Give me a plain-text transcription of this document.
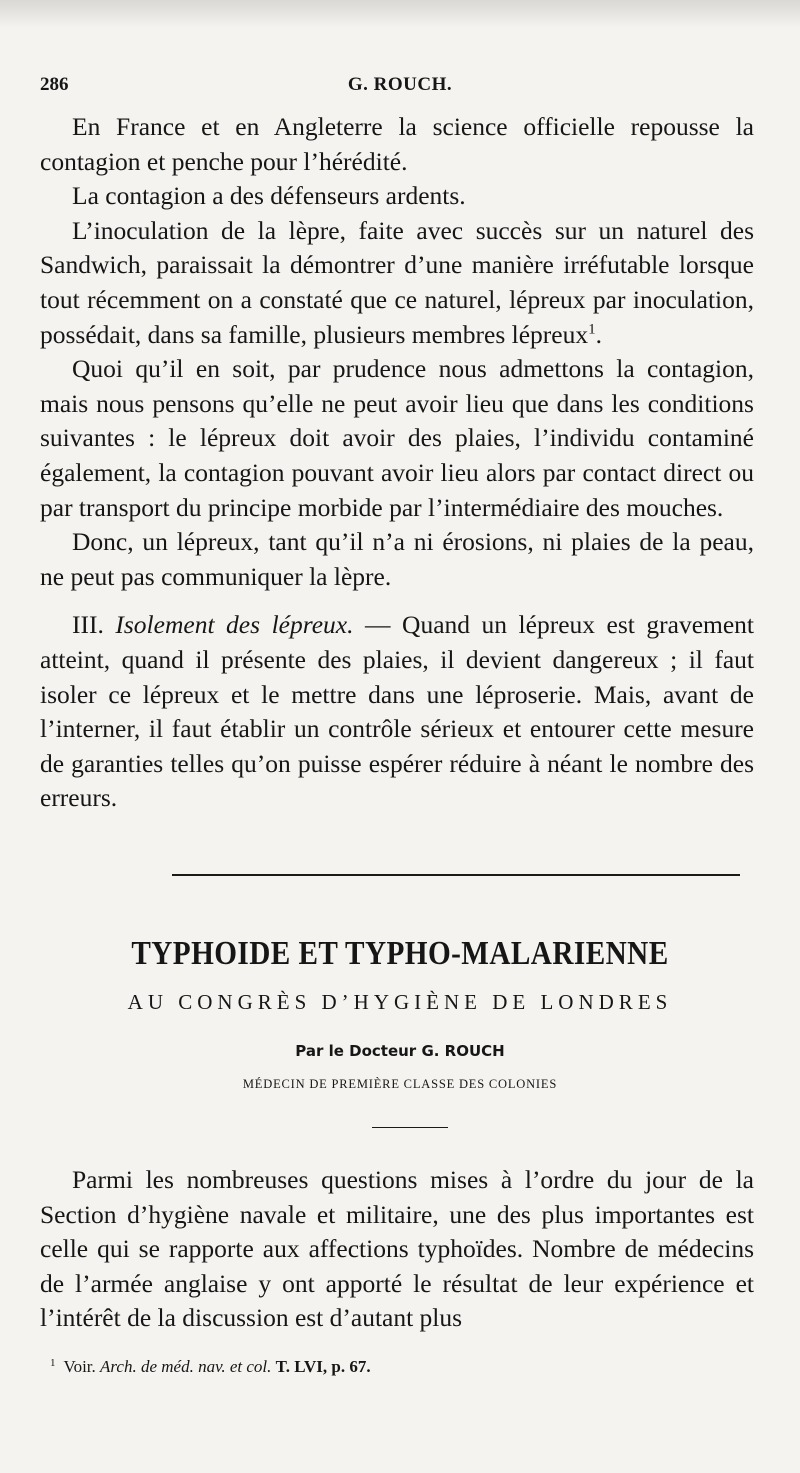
286	G. ROUCH.

En France et en Angleterre la science officielle repousse la contagion et penche pour l’hérédité.

La contagion a des défenseurs ardents.

L’inoculation de la lèpre, faite avec succès sur un naturel des Sandwich, paraissait la démontrer d’une manière irréfutable lorsque tout récemment on a constaté que ce naturel, lépreux par inoculation, possédait, dans sa famille, plusieurs membres lépreux$^1$.

Quoi qu’il en soit, par prudence nous admettons la contagion, mais nous pensons qu’elle ne peut avoir lieu que dans les conditions suivantes : le lépreux doit avoir des plaies, l’individu contaminé également, la contagion pouvant avoir lieu alors par contact direct ou par transport du principe morbide par l’intermédiaire des mouches.

Donc, un lépreux, tant qu’il n’a ni érosions, ni plaies de la peau, ne peut pas communiquer la lèpre.

III. Isolement des lépreux. — Quand un lépreux est gravement atteint, quand il présente des plaies, il devient dangereux ; il faut isoler ce lépreux et le mettre dans une léproserie. Mais, avant de l’interner, il faut établir un contrôle sérieux et entourer cette mesure de garanties telles qu’on puisse espérer réduire à néant le nombre des erreurs.

TYPHOIDE ET TYPHO-MALARIENNE
AU CONGRÈS D’HYGIÈNE DE LONDRES
Par le Docteur G. ROUCH
MÉDECIN DE PREMIÈRE CLASSE DES COLONIES

Parmi les nombreuses questions mises à l’ordre du jour de la Section d’hygiène navale et militaire, une des plus importantes est celle qui se rapporte aux affections typhoïdes. Nombre de médecins de l’armée anglaise y ont apporté le résultat de leur expérience et l’intérêt de la discussion est d’autant plus

$^1$ Voir. Arch. de méd. nav. et col. T. LVI, p. 67.
